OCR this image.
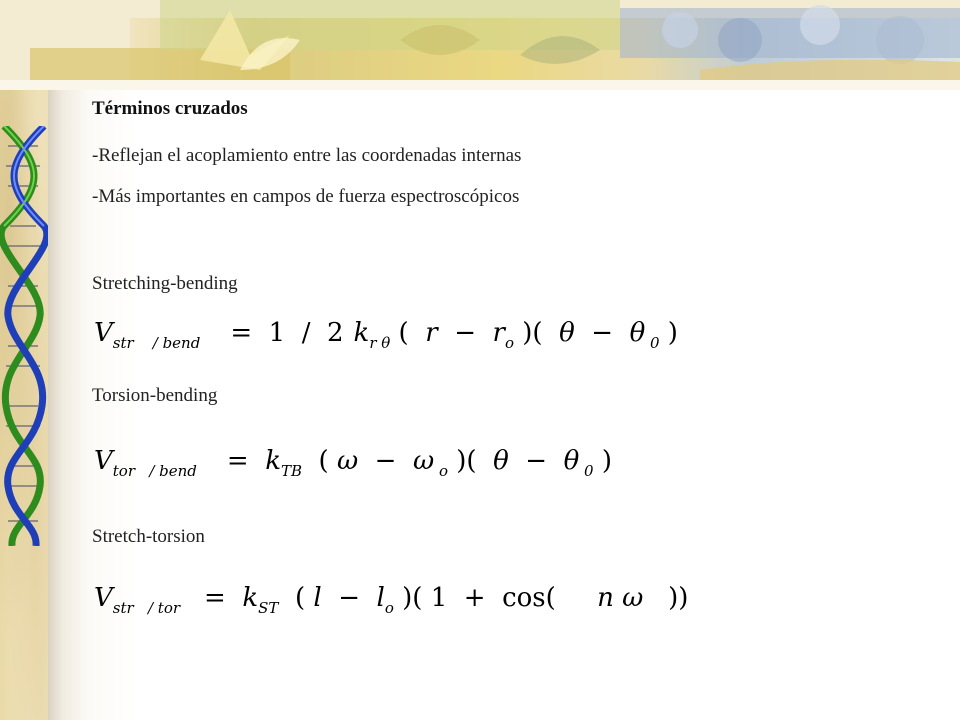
Términos cruzados
-Reflejan el acoplamiento entre las coordenadas internas
-Más importantes en campos de fuerza espectroscópicos
Stretching-bending
$V_{str / bend} = 1 / 2$ $k_{r \theta}$ (  $r - r_o$ )(  θ  −  θ $_0$ )
Torsion-bending
$V_{tor / bend} = k_{TB}$  ( ω  −  ω $_o$ )(  θ  −  θ $_0$ )
Stretch-torsion
$V_{str / tor} = k_{ST}$  ( $l - l_o$ )( 1  +  cos(     n ω   ))
